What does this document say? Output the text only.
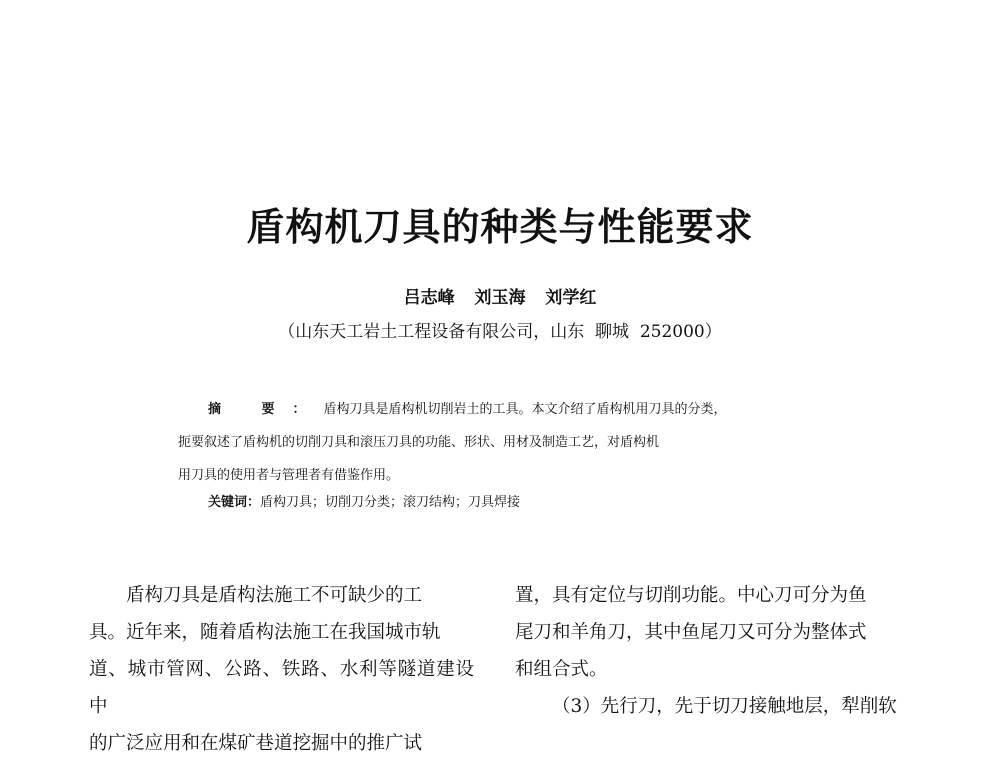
盾构机刀具的种类与性能要求
吕志峰 刘玉海 刘学红
（山东天工岩土工程设备有限公司，山东  聊城  252000）
摘 要：盾构刀具是盾构机切削岩土的工具。本文介绍了盾构机用刀具的分类，
扼要叙述了盾构机的切削刀具和滚压刀具的功能、形状、用材及制造工艺，对盾构机
用刀具的使用者与管理者有借鉴作用。
关键词：盾构刀具；切削刀分类；滚刀结构；刀具焊接

盾构刀具是盾构法施工不可缺少的工

具。近年来，随着盾构法施工在我国城市轨

道、城市管网、公路、铁路、水利等隧道建设中

的广泛应用和在煤矿巷道挖掘中的推广试

置，具有定位与切削功能。中心刀可分为鱼

尾刀和羊角刀，其中鱼尾刀又可分为整体式

和组合式。

（3）先行刀，先于切刀接触地层，犁削软
